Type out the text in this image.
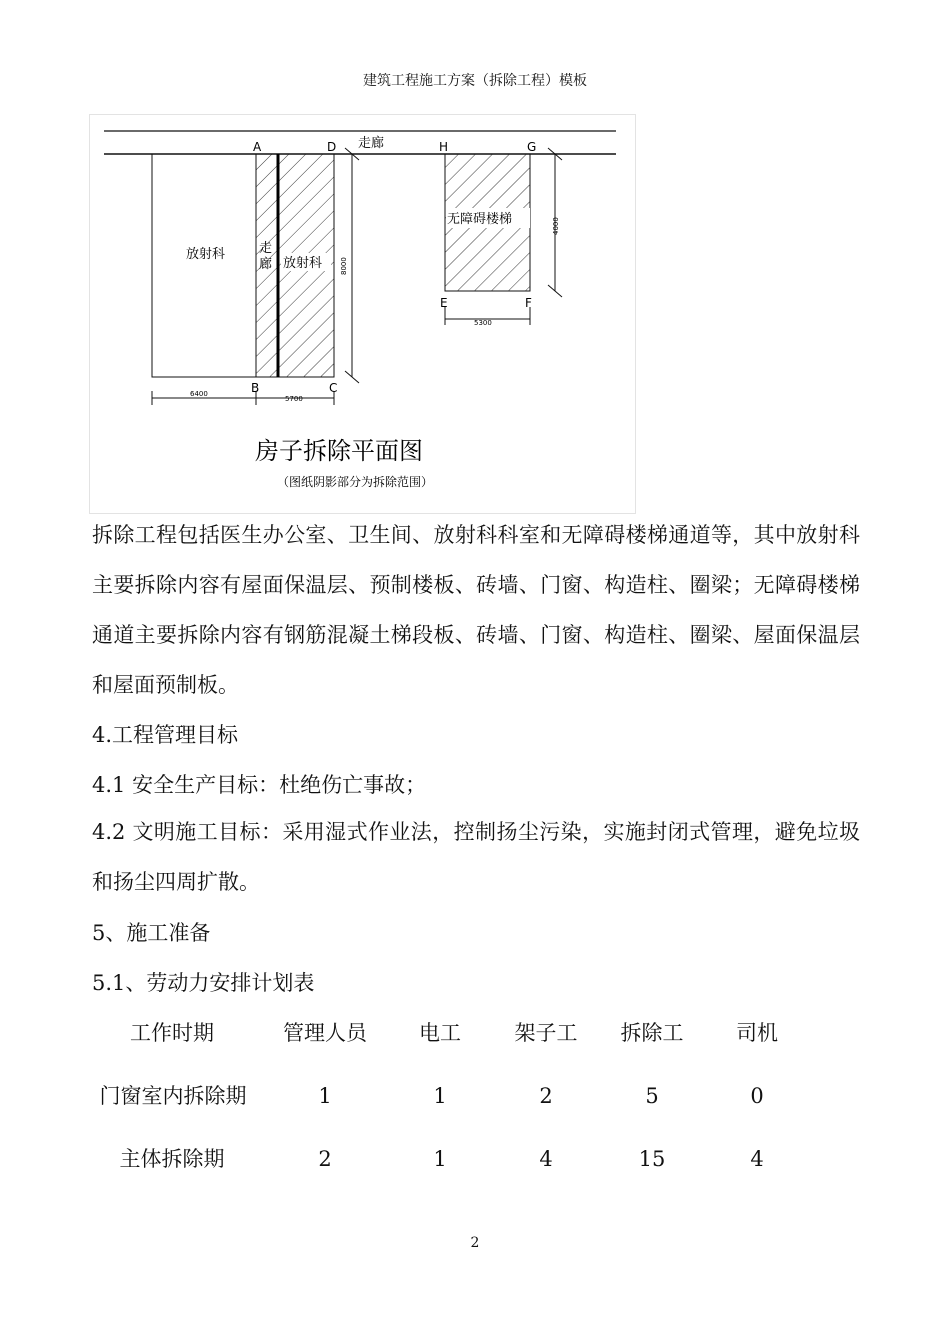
建筑工程施工方案（拆除工程）模板
A	D	H	G
B	C
E	F
走廊
放射科	走
廊 放射科
无障碍楼梯
6400
5700
5300
8000
4000
房子拆除平面图
（图纸阴影部分为拆除范围）
拆除工程包括医生办公室、卫生间、放射科科室和无障碍楼梯通道等，其中放射科主要拆除内容有屋面保温层、预制楼板、砖墙、门窗、构造柱、圈梁；无障碍楼梯通道主要拆除内容有钢筋混凝土梯段板、砖墙、门窗、构造柱、圈梁、屋面保温层和屋面预制板。
4.工程管理目标
4.1 安全生产目标：杜绝伤亡事故；
4.2 文明施工目标：采用湿式作业法，控制扬尘污染，实施封闭式管理，避免垃圾和扬尘四周扩散。
5、施工准备
5.1、劳动力安排计划表
工作时期	管理人员	电工	架子工	拆除工	司机
门窗室内拆除期	1	1	2	5	0
主体拆除期	2	1	4	15	4
2
